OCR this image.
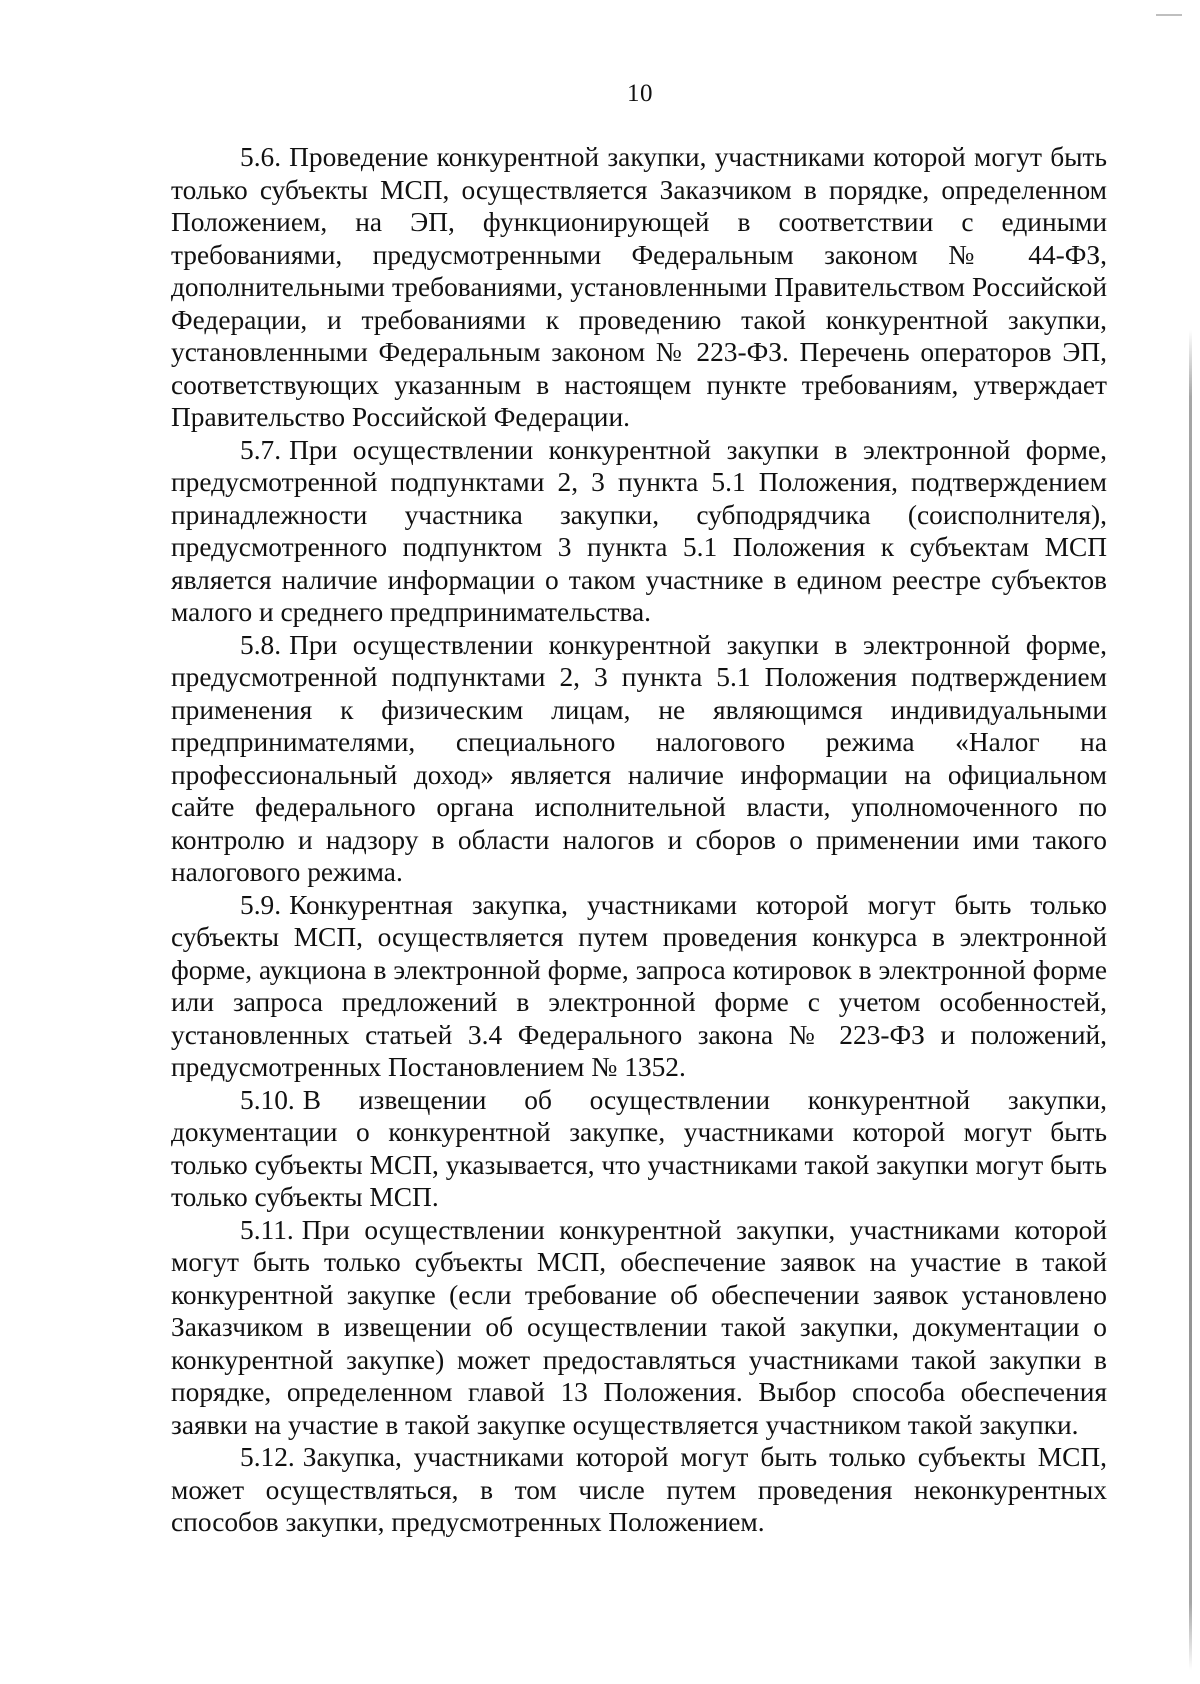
10

5.6. Проведение конкурентной закупки, участниками которой могут быть только субъекты МСП, осуществляется Заказчиком в порядке, определенном Положением, на ЭП, функционирующей в соответствии с едиными требованиями, предусмотренными Федеральным законом № 44-ФЗ, дополнительными требованиями, установленными Правительством Российской Федерации, и требованиями к проведению такой конкурентной закупки, установленными Федеральным законом № 223-ФЗ. Перечень операторов ЭП, соответствующих указанным в настоящем пункте требованиям, утверждает Правительство Российской Федерации.

5.7. При осуществлении конкурентной закупки в электронной форме, предусмотренной подпунктами 2, 3 пункта 5.1 Положения, подтверждением принадлежности участника закупки, субподрядчика (соисполнителя), предусмотренного подпунктом 3 пункта 5.1 Положения к субъектам МСП является наличие информации о таком участнике в едином реестре субъектов малого и среднего предпринимательства.

5.8. При осуществлении конкурентной закупки в электронной форме, предусмотренной подпунктами 2, 3 пункта 5.1 Положения подтверждением применения к физическим лицам, не являющимся индивидуальными предпринимателями, специального налогового режима «Налог на профессиональный доход» является наличие информации на официальном сайте федерального органа исполнительной власти, уполномоченного по контролю и надзору в области налогов и сборов о применении ими такого налогового режима.

5.9. Конкурентная закупка, участниками которой могут быть только субъекты МСП, осуществляется путем проведения конкурса в электронной форме, аукциона в электронной форме, запроса котировок в электронной форме или запроса предложений в электронной форме с учетом особенностей, установленных статьей 3.4 Федерального закона № 223-ФЗ и положений, предусмотренных Постановлением № 1352.

5.10. В извещении об осуществлении конкурентной закупки, документации о конкурентной закупке, участниками которой могут быть только субъекты МСП, указывается, что участниками такой закупки могут быть только субъекты МСП.

5.11. При осуществлении конкурентной закупки, участниками которой могут быть только субъекты МСП, обеспечение заявок на участие в такой конкурентной закупке (если требование об обеспечении заявок установлено Заказчиком в извещении об осуществлении такой закупки, документации о конкурентной закупке) может предоставляться участниками такой закупки в порядке, определенном главой 13 Положения. Выбор способа обеспечения заявки на участие в такой закупке осуществляется участником такой закупки.

5.12. Закупка, участниками которой могут быть только субъекты МСП, может осуществляться, в том числе путем проведения неконкурентных способов закупки, предусмотренных Положением.
